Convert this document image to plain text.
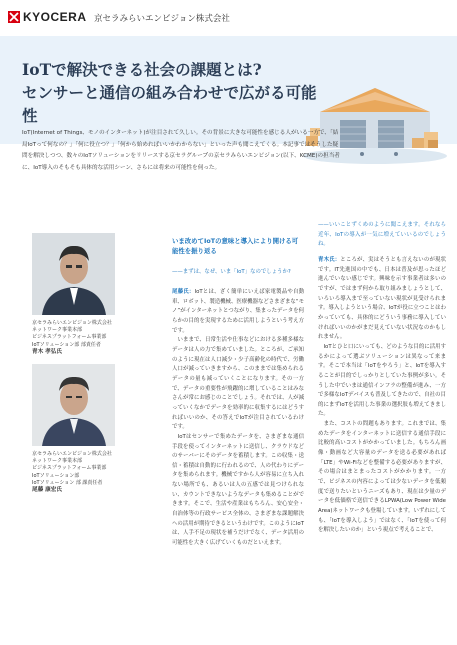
KYOCERA 京セラみらいエンビジョン株式会社
IoTで解決できる社会の課題とは?
センサーと通信の組み合わせで広がる可能性
IoT(Internet of Things、モノのインターネット)が注目されて久しい。その背景に大きな可能性を感じる人がいる一方で、「結局IoTって何なの？」「何に役立つ？」「何から始めればいいかわからない」といった声も聞こえてくる。本記事ではそうした疑問を解決しつつ、数々のIoTソリューションをリリースする京セラグループの京セラみらいエンビジョン(以下、KCME)の担当者に、IoT導入のそもそも具体的な活用シーン、さらには将来の可能性を伺った。
京セラみらいエンビジョン株式会社
ネットワーク事業本部
ビジネスプラットフォーム事業部
IoTソリューション部 部責任者
青木 孝弘氏
京セラみらいエンビジョン株式会社
ネットワーク事業本部
ビジネスプラットフォーム事業部
IoTソリューション部
IoTソリューション 部 課責任者
尾藤 康宏氏
いま改めてIoTの意味と導入により開ける可能性を振り返る
——まずは、なぜ、いま「IoT」なのでしょうか?
尾藤氏：IoTとは、ざく簡単にいえば家電製品や自動車、ロボット、製造機械、医療機器などさまざまな“モノ”がインターネットとつながり、集まったデータを何らかの目的を実現するために活用しようという考え方です。
　いままで、日常生活や仕事などにおける多種多様なデータは人の力で集めていました。ところが、ご承知のように現在は人口減少・少子高齢化の時代で、労働人口が減っていきますから、このままでは集められるデータの量も減っていくことになります。その一方で、データの重要性が飛躍的に増していることはみなさんが常にお感じのことでしょう。それでは、人が減っていくなかでデータを効率的に収集するにはどうすればいいのか、その答えでIoTが注目されているわけです。
　IoTはセンサーで集めたデータを、さまざまな通信手段を使ってインターネットに送信し、クラウドなどのサーバーにそのデータを蓄積します。この収集・送信・蓄積は自動的に行われるので、人の代わりにデータを集められます。機械ですから人が容易に立ち入れない場所でも、あるいは人の五感では見つけられない、カウントできないようなデータも集めることができます。そこで、生活や産業はもちろん、安心安全・自治体等の行政サービス全体の、さまざまな課題解決への活用が期待できるというわけです。このようにIoTは、人手不足の現状を補うだけでなく、データ活用の可能性を大きく広げていくものだといえます。
——いいことずくめのように聞こえます。それなら近年、IoTの導入が一気に増えていいるのでしょうね。
青木氏：ところが、実はそうとも言えないのが現状です。IT先進国の中でも、日本は普及が思ったほど進んでいない感じです。興味を示す事業者は多いのですが、ではまず何から取り組みましょうとして、いろいろ導入まで至っていない現状が見受けられます。導入しようという場合、IoTが役に立つことはわかっていても、具体的にどういう事務に導入していければいいのかがまだ見えていない状況なのかもしれません。
　IoTとひと口にいっても、どのような目的に活用するかによって選ぶソリューションは異なって来ます。そこで本当は「IoTをやろう」と、IoTを導入することが目的でしっかりとしていた事例が多い。そうした中でいまは通信インフラの整備が進み、一方で多様なIoTデバイスも普及してきたので、自社の目的にまずIoTを活用した事業の選択肢も増えてきました。
　また、コストの問題もあります。これまでは、集めたデータをインターネットに送信する通信手段に比較的高いコストがかかっていました。もちろん画像・動画など大容量のデータを送る必要があれば「LTE」やWi-Fiなどを整備する必要がありますが、その場合はまとまったコストがかかります。一方で、ビジネスの内容によっては少ないデータを低頻度で送りたいというニーズもあり、現在は少量のデータを低価格で送信できるLPWA(Low Power Wide Area)ネットワークも登場しています。いずれにしても、「IoTを導入しよう」ではなく、「IoTを使って何を解決したいのか」という視点で考えることで、
